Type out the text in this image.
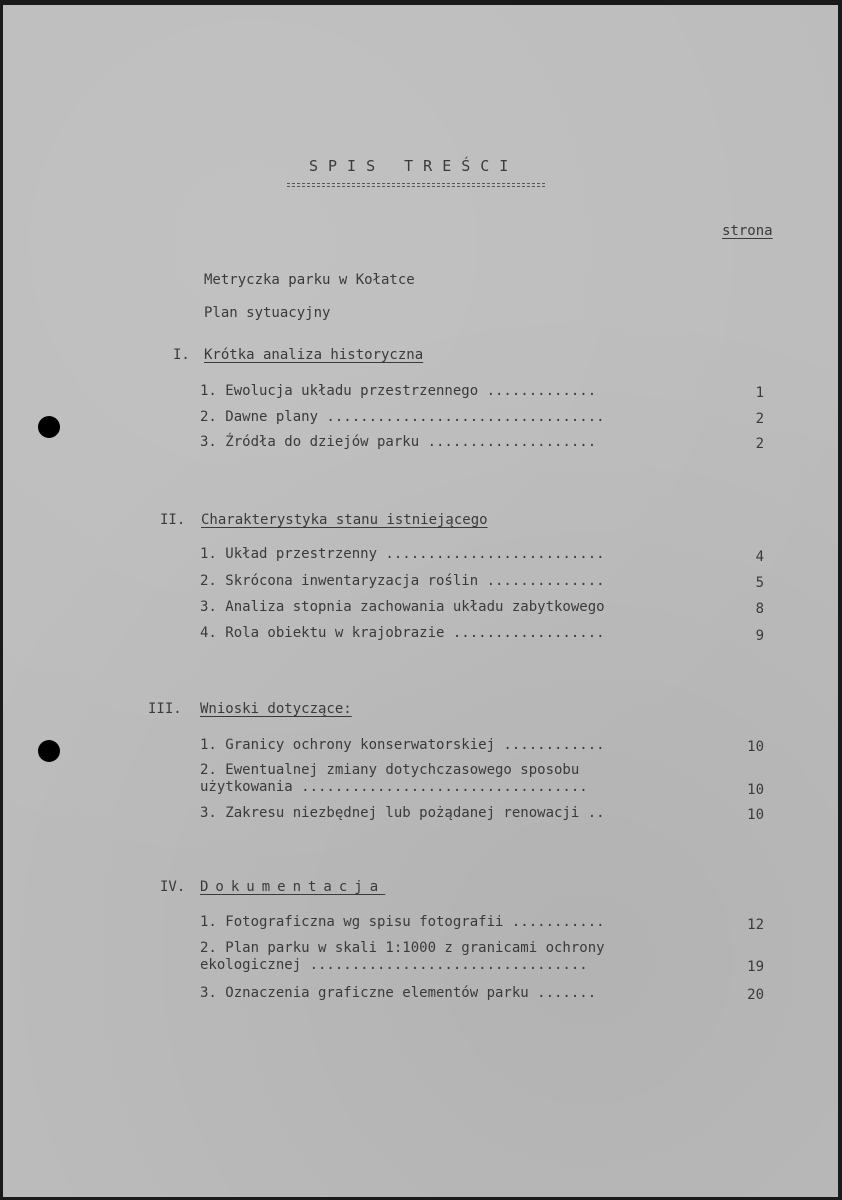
SPIS TREŚCI
strona
Metryczka parku w Kołatce
Plan sytuacyjny
I. Krótka analiza historyczna
1. Ewolucja układu przestrzennego .............	1
2. Dawne plany .................................	2
3. Źródła do dziejów parku ....................	2
II. Charakterystyka stanu istniejącego
1. Układ przestrzenny ..........................	4
2. Skrócona inwentaryzacja roślin ..............	5
3. Analiza stopnia zachowania układu zabytkowego	8
4. Rola obiektu w krajobrazie ..................	9
III. Wnioski dotyczące:
1. Granicy ochrony konserwatorskiej ............	10
2. Ewentualnej zmiany dotychczasowego sposobu
użytkowania ..................................	10
3. Zakresu niezbędnej lub pożądanej renowacji ..	10
IV. Dokumentacja
1. Fotograficzna wg spisu fotografii ...........	12
2. Plan parku w skali 1:1000 z granicami ochrony
ekologicznej .................................	19
3. Oznaczenia graficzne elementów parku .......	20
